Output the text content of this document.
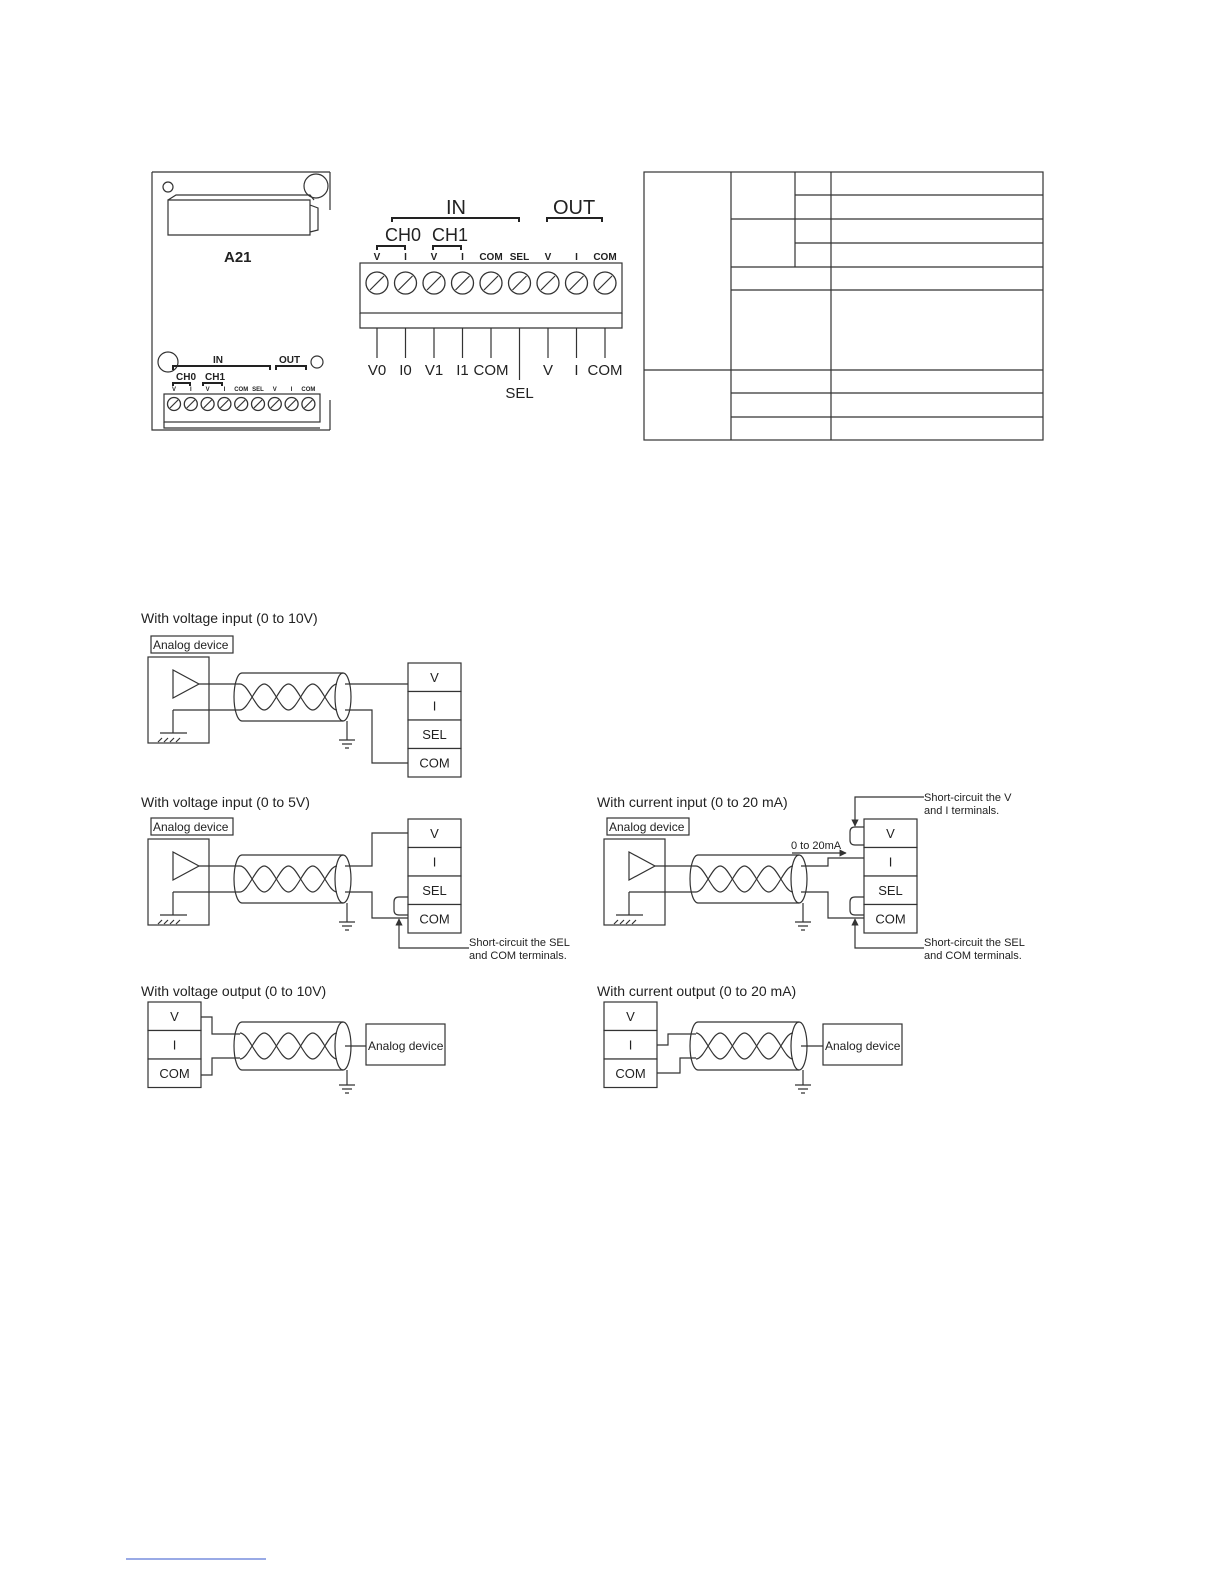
A21
IN	OUT
CH0 CH1
V I V I COM SEL V I COM
IN	OUT
CH0 CH1
V I V I COM SEL V I COM
V0 I0 V1 I1 COM
SEL
V I COM
With voltage input (0 to 10V)
Analog device
V
I
SEL
COM
With voltage input (0 to 5V)
Analog device	V
I
SEL
COM
Short-circuit the SEL
and COM terminals.
With current input (0 to 20 mA)
Analog device
0 to 20mA
V
I
SEL
COM
Short-circuit the V
and I terminals.
Short-circuit the SEL
and COM terminals.
With voltage output (0 to 10V)
V
I
COM
Analog device
With current output (0 to 20 mA)
V
I
COM
Analog device
